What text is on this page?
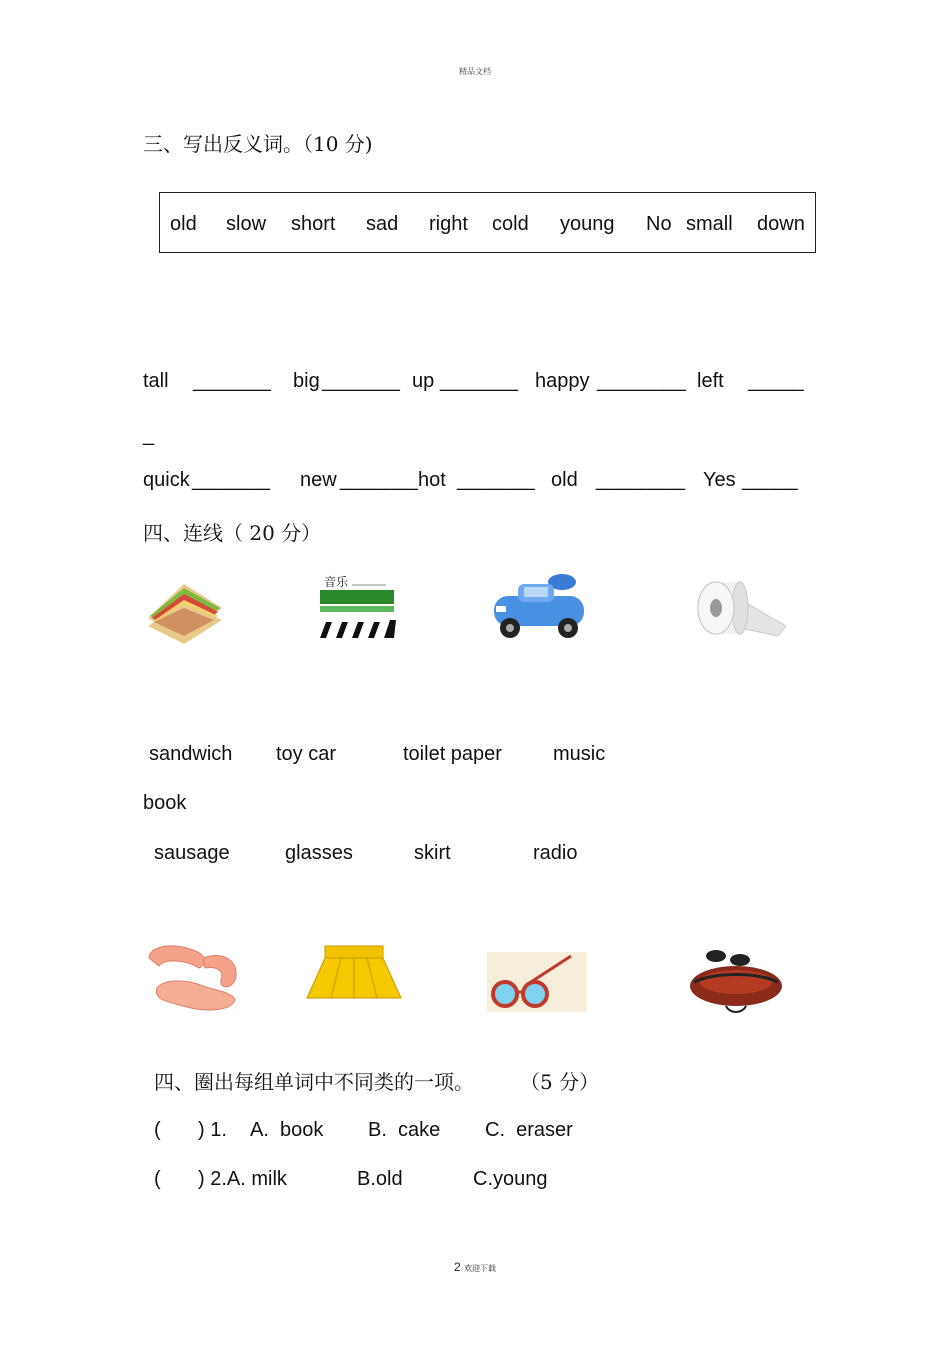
精品文档
三、写出反义词。（10 分)
old slow short sad right cold young No small down
tall _______ big _______ up _______ happy ________ left _____
_
quick _______ new _______ hot _______ old ________ Yes _____
四、连线（ 20 分）
音乐
sandwich toy car	toilet paper	music
book
sausage	glasses	skirt	radio
四、圈出每组单词中不同类的一项。 （5 分）
( ) 1. A.  book B.  cake C.  eraser
( ) 2.A. milk	B.old	C.young
2 欢迎下载
